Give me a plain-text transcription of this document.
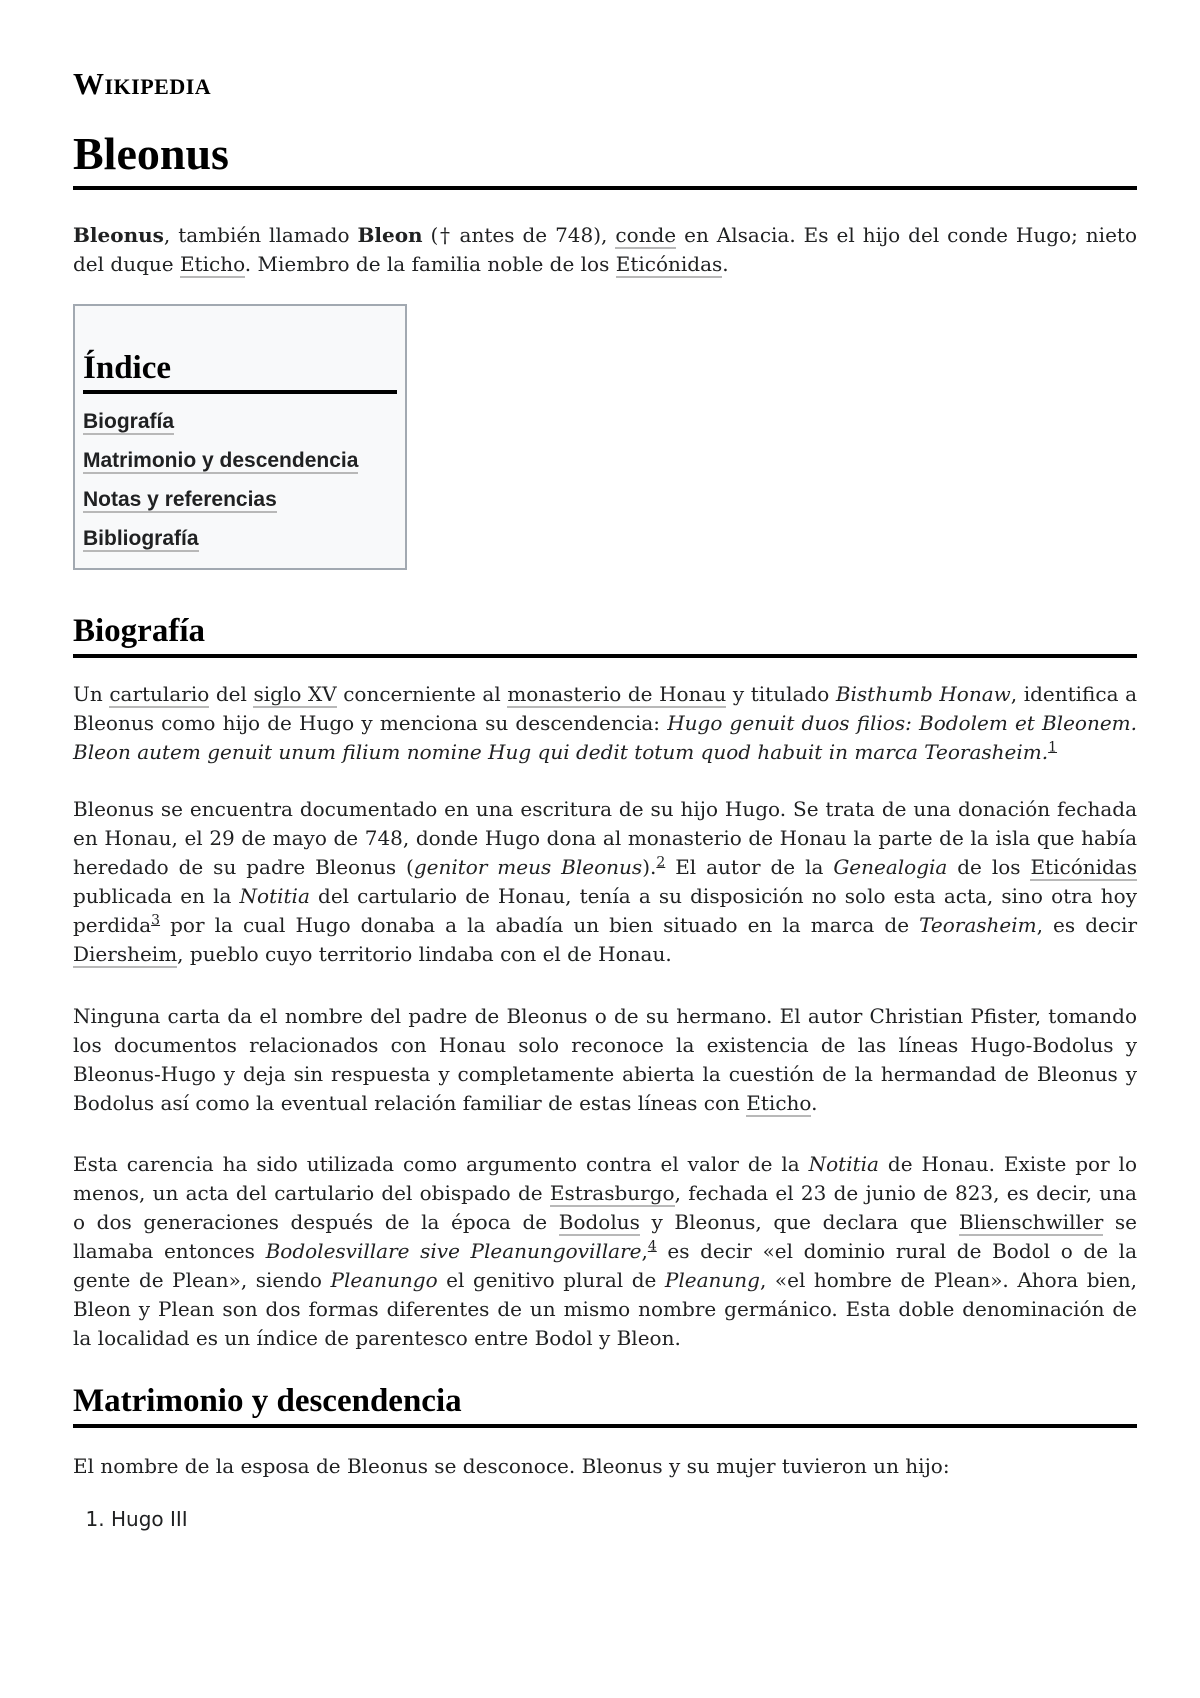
Wikipedia
Bleonus

Bleonus, también llamado Bleon († antes de 748), conde en Alsacia. Es el hijo del conde Hugo; nieto del duque Eticho. Miembro de la familia noble de los Eticónidas.

Índice
Biografía
Matrimonio y descendencia
Notas y referencias
Bibliografía
Biografía

Un cartulario del siglo XV concerniente al monasterio de Honau y titulado Bisthumb Honaw, identifica a Bleonus como hijo de Hugo y menciona su descendencia: Hugo genuit duos filios: Bodolem et Bleonem. Bleon autem genuit unum filium nomine Hug qui dedit totum quod habuit in marca Teorasheim.$^1$

Bleonus se encuentra documentado en una escritura de su hijo Hugo. Se trata de una donación fechada en Honau, el 29 de mayo de 748, donde Hugo dona al monasterio de Honau la parte de la isla que había heredado de su padre Bleonus (genitor meus Bleonus).$^2$ El autor de la Genealogia de los Eticónidas publicada en la Notitia del cartulario de Honau, tenía a su disposición no solo esta acta, sino otra hoy perdida$^3$ por la cual Hugo donaba a la abadía un bien situado en la marca de Teorasheim, es decir Diersheim, pueblo cuyo territorio lindaba con el de Honau.

Ninguna carta da el nombre del padre de Bleonus o de su hermano. El autor Christian Pfister, tomando los documentos relacionados con Honau solo reconoce la existencia de las líneas Hugo-Bodolus y Bleonus-Hugo y deja sin respuesta y completamente abierta la cuestión de la hermandad de Bleonus y Bodolus así como la eventual relación familiar de estas líneas con Eticho.

Esta carencia ha sido utilizada como argumento contra el valor de la Notitia de Honau. Existe por lo menos, un acta del cartulario del obispado de Estrasburgo, fechada el 23 de junio de 823, es decir, una o dos generaciones después de la época de Bodolus y Bleonus, que declara que Blienschwiller se llamaba entonces Bodolesvillare sive Pleanungovillare,$^4$ es decir «el dominio rural de Bodol o de la gente de Plean», siendo Pleanungo el genitivo plural de Pleanung, «el hombre de Plean». Ahora bien, Bleon y Plean son dos formas diferentes de un mismo nombre germánico. Esta doble denominación de la localidad es un índice de parentesco entre Bodol y Bleon.

Matrimonio y descendencia

El nombre de la esposa de Bleonus se desconoce. Bleonus y su mujer tuvieron un hijo:

1. Hugo III
